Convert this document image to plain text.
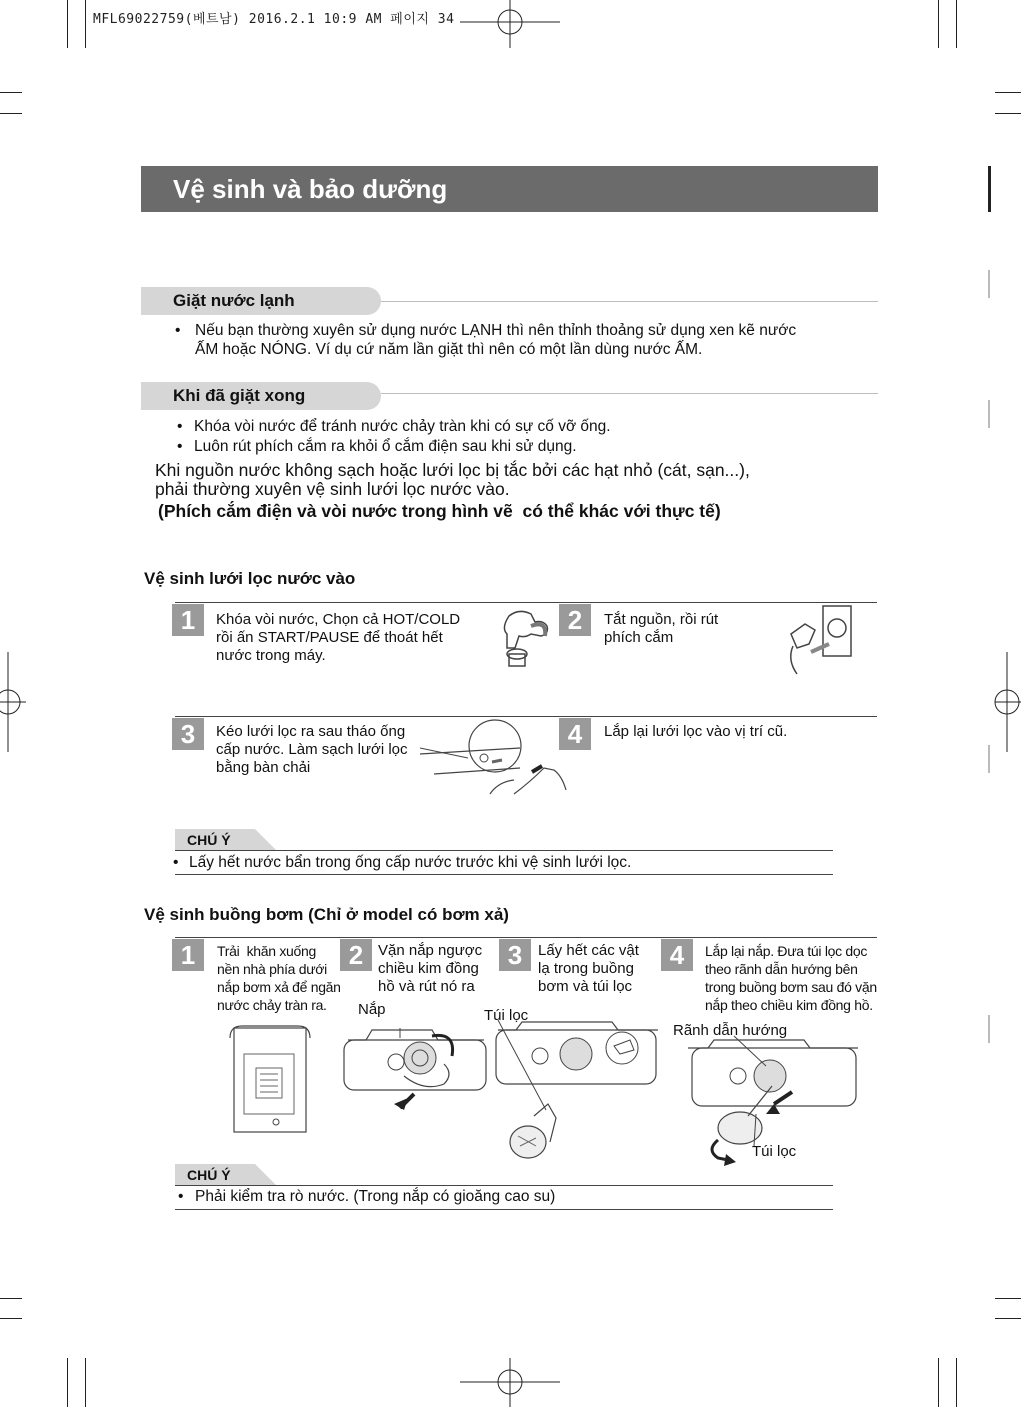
MFL69022759(베트남) 2016.2.1 10:9 AM 페이지 34
Vệ sinh và bảo dưỡng
Giặt nước lạnh
• Nếu bạn thường xuyên sử dụng nước LẠNH thì nên thỉnh thoảng sử dụng xen kẽ nước
ẤM hoặc NÓNG. Ví dụ cứ năm lần giặt thì nên có một lần dùng nước ẤM.
Khi đã giặt xong
• Khóa vòi nước để tránh nước chảy tràn khi có sự cố vỡ ống.
• Luôn rút phích cắm ra khỏi ổ cắm điện sau khi sử dụng.
Khi nguồn nước không sạch hoặc lưới lọc bị tắc bởi các hạt nhỏ (cát, sạn...),
phải thường xuyên vệ sinh lưới lọc nước vào.
(Phích cắm điện và vòi nước trong hình vẽ  có thể khác với thực tế)
Vệ sinh lưới lọc nước vào
1	Khóa vòi nước, Chọn cả HOT/COLD
rồi ấn START/PAUSE để thoát hết
nước trong máy.
2	Tắt nguồn, rồi rút
phích cắm
3	Kéo lưới lọc ra sau tháo ống
cấp nước. Làm sạch lưới lọc
bằng bàn chải
4	Lắp lại lưới lọc vào vị trí cũ.
CHÚ Ý
• Lấy hết nước bẩn trong ống cấp nước trước khi vệ sinh lưới lọc.
Vệ sinh buồng bơm (Chỉ ở model có bơm xả)
1	Trải  khăn xuống
nền nhà phía dưới
nắp bơm xả để ngăn
nước chảy tràn ra.
2 Vặn nắp ngược
chiều kim đồng
hồ và rút nó ra
3	Lấy hết các vật
lạ trong buồng
bơm và túi lọc
4	Lắp lại nắp. Đưa túi lọc dọc
theo rãnh dẫn hướng bên
trong buồng bơm sau đó vặn
nắp theo chiều kim đồng hồ.
Nắp	Túi lọc
Rãnh dẫn hướng
Túi lọc
CHÚ Ý
• Phải kiểm tra rò nước. (Trong nắp có gioăng cao su)
